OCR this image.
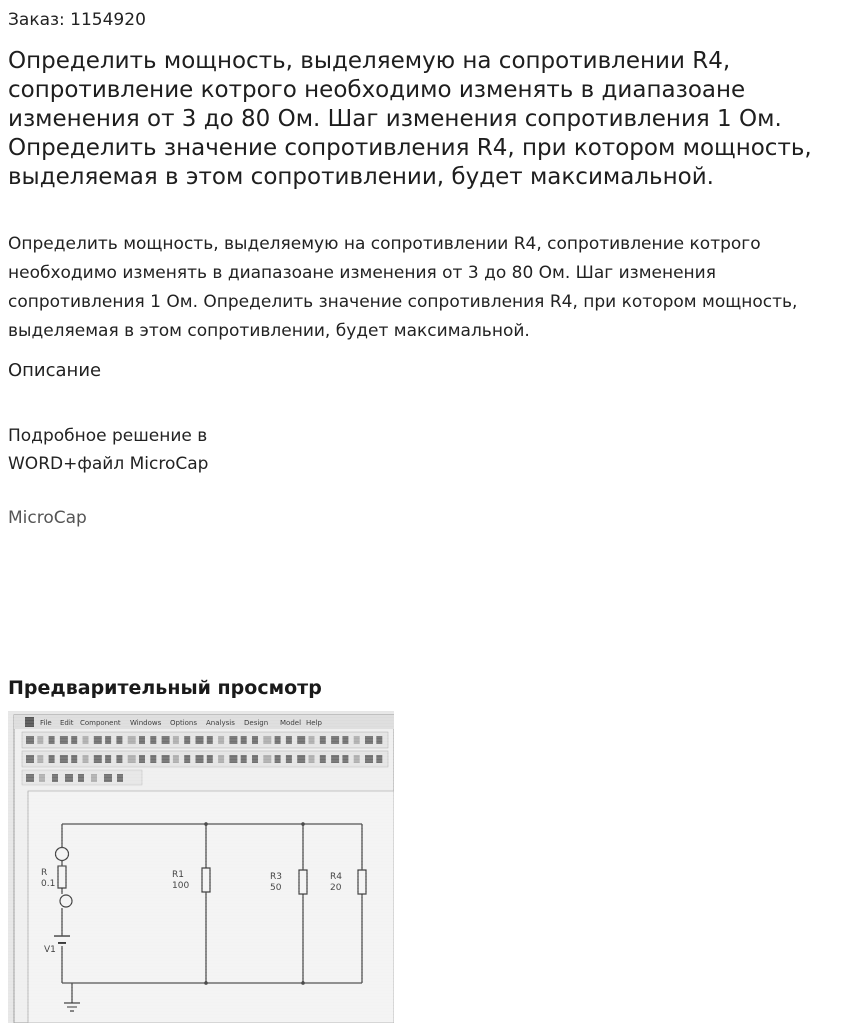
Заказ: 1154920
Определить мощность, выделяемую на сопротивлении R4, сопротивление котрого необходимо изменять в диапазоане изменения от 3 до 80 Ом. Шаг изменения сопротивления 1 Ом. Определить значение сопротивления R4, при котором мощность, выделяемая в этом сопротивлении, будет максимальной.
Определить мощность, выделяемую на сопротивлении R4, сопротивление котрого необходимо изменять в диапазоане изменения от 3 до 80 Ом. Шаг изменения сопротивления 1 Ом. Определить значение сопротивления R4, при котором мощность, выделяемая в этом сопротивлении, будет максимальной.
Описание
Подробное решение в
WORD+файл MicroCap
MicroCap
Предварительный просмотр
File Edit Component Windows Options Analysis Design Model Help
R1
100
R3
50
R4
20
R
0.1
V1
